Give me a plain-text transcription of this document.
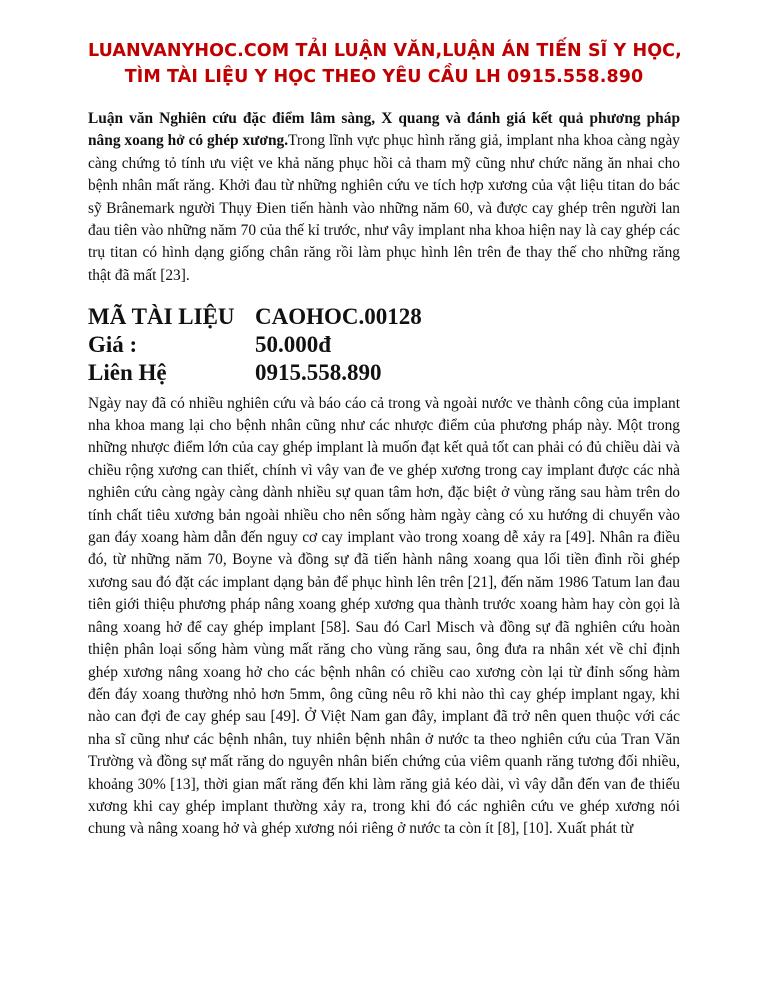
LUANVANYHOC.COM TẢI LUẬN VĂN,LUẬN ÁN TIẾN SĨ Y HỌC,
TÌM TÀI LIỆU Y HỌC THEO YÊU CẦU LH 0915.558.890

Luận văn Nghiên cứu đặc điểm lâm sàng, X quang và đánh giá kết quả phương pháp nâng xoang hở có ghép xương.Trong lĩnh vực phục hình răng giả, implant nha khoa càng ngày càng chứng tỏ tính ưu việt ve khả năng phục hồi cả tham mỹ cũng như chức năng ăn nhai cho bệnh nhân mất răng. Khởi đau từ những nghiên cứu ve tích hợp xương của vật liệu titan do bác sỹ Brânemark người Thụy Đien tiến hành vào những năm 60, và được cay ghép trên người lan đau tiên vào những năm 70 của thế kỉ trước, như vây implant nha khoa hiện nay là cay ghép các trụ titan có hình dạng giống chân răng rồi làm phục hình lên trên đe thay thế cho những răng thật đã mất [23].

MÃ TÀI LIỆU CAOHOC.00128
Giá :	50.000đ
Liên Hệ	0915.558.890

Ngày nay đã có nhiều nghiên cứu và báo cáo cả trong và ngoài nước ve thành công của implant nha khoa mang lại cho bệnh nhân cũng như các nhược điểm của phương pháp này. Một trong những nhược điểm lớn của cay ghép implant là muốn đạt kết quả tốt can phải có đủ chiều dài và chiều rộng xương can thiết, chính vì vây van đe ve ghép xương trong cay implant được các nhà nghiên cứu càng ngày càng dành nhiều sự quan tâm hơn, đặc biệt ở vùng răng sau hàm trên do tính chất tiêu xương bản ngoài nhiều cho nên sống hàm ngày càng có xu hướng di chuyển vào gan đáy xoang hàm dẫn đến nguy cơ cay implant vào trong xoang dễ xảy ra [49]. Nhân ra điều đó, từ những năm 70, Boyne và đồng sự đã tiến hành nâng xoang qua lối tiền đình rồi ghép xương sau đó đặt các implant dạng bản để phục hình lên trên [21], đến năm 1986 Tatum lan đau tiên giới thiệu phương pháp nâng xoang ghép xương qua thành trước xoang hàm hay còn gọi là nâng xoang hở để cay ghép implant [58]. Sau đó Carl Misch và đồng sự đã nghiên cứu hoàn thiện phân loại sống hàm vùng mất răng cho vùng răng sau, ông đưa ra nhân xét về chỉ định ghép xương nâng xoang hở cho các bệnh nhân có chiều cao xương còn lại từ đỉnh sống hàm đến đáy xoang thường nhỏ hơn 5mm, ông cũng nêu rõ khi nào thì cay ghép implant ngay, khi nào can đợi đe cay ghép sau [49]. Ở Việt Nam gan đây, implant đã trở nên quen thuộc với các nha sĩ cũng như các bệnh nhân, tuy nhiên bệnh nhân ở nước ta theo nghiên cứu của Tran Văn Trường và đồng sự mất răng do nguyên nhân biến chứng của viêm quanh răng tương đối nhiều, khoảng 30% [13], thời gian mất răng đến khi làm răng giả kéo dài, vì vây dẫn đến van đe thiếu xương khi cay ghép implant thường xảy ra, trong khi đó các nghiên cứu ve ghép xương nói chung và nâng xoang hở và ghép xương nói riêng ở nước ta còn ít [8], [10]. Xuất phát từ
